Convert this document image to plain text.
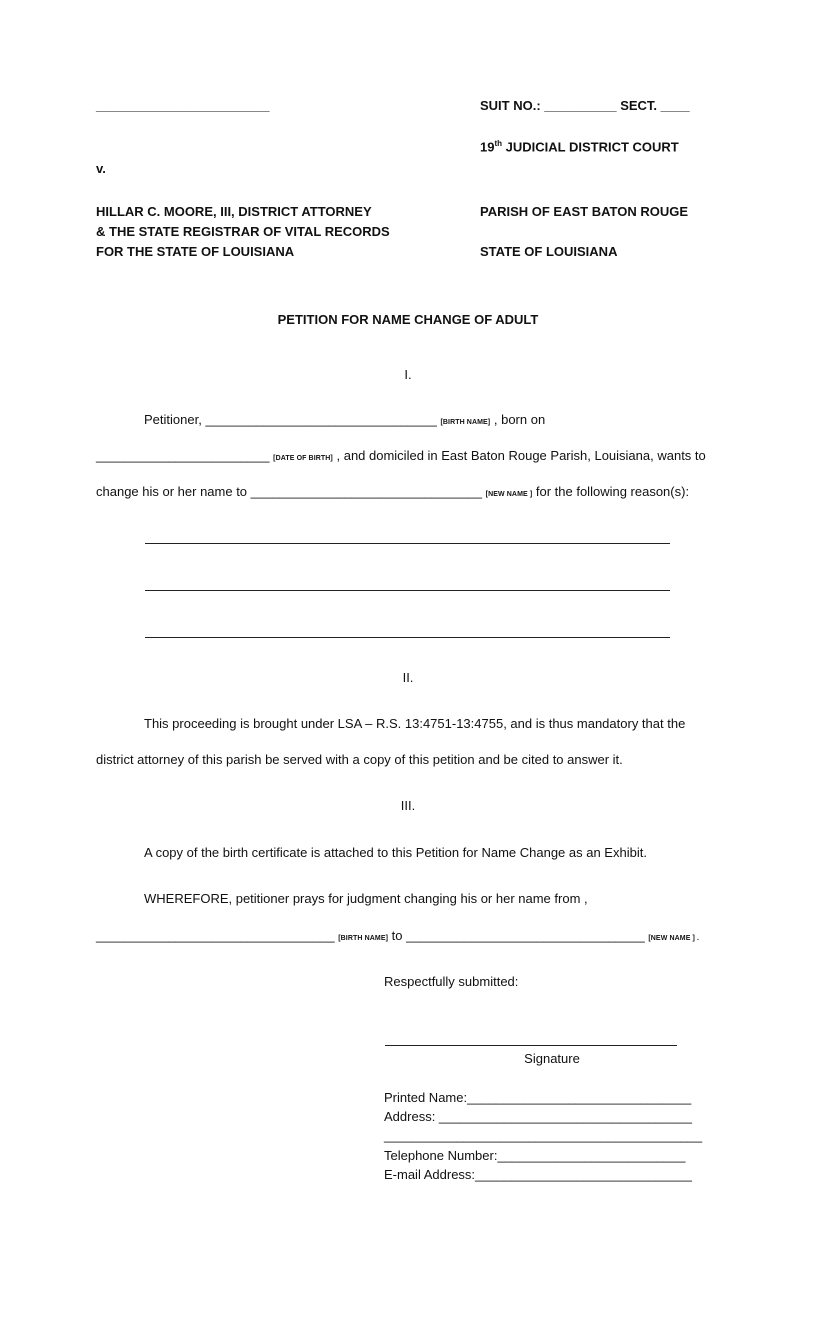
________________________	SUIT NO.: __________ SECT. ____
19th JUDICIAL DISTRICT COURT
v.
HILLAR C. MOORE, III, DISTRICT ATTORNEY
& THE STATE REGISTRAR OF VITAL RECORDS
FOR THE STATE OF LOUISIANA
PARISH OF EAST BATON ROUGE
STATE OF LOUISIANA
PETITION FOR NAME CHANGE OF ADULT
I.
Petitioner, ________________________________ [BIRTH NAME] , born on
________________________ [DATE OF BIRTH] , and domiciled in East Baton Rouge Parish, Louisiana, wants to
change his or her name to ________________________________ [NEW NAME ] for the following reason(s):
II.
This proceeding is brought under LSA – R.S. 13:4751-13:4755, and is thus mandatory that the
district attorney of this parish be served with a copy of this petition and be cited to answer it.
III.
A copy of the birth certificate is attached to this Petition for Name Change as an Exhibit.
WHEREFORE, petitioner prays for judgment changing his or her name from ,
_________________________________ [BIRTH NAME] to _________________________________ [NEW NAME ] .
Respectfully submitted:
Signature
Printed Name:_______________________________
Address: ___________________________________
____________________________________________
Telephone Number:__________________________
E-mail Address:______________________________
